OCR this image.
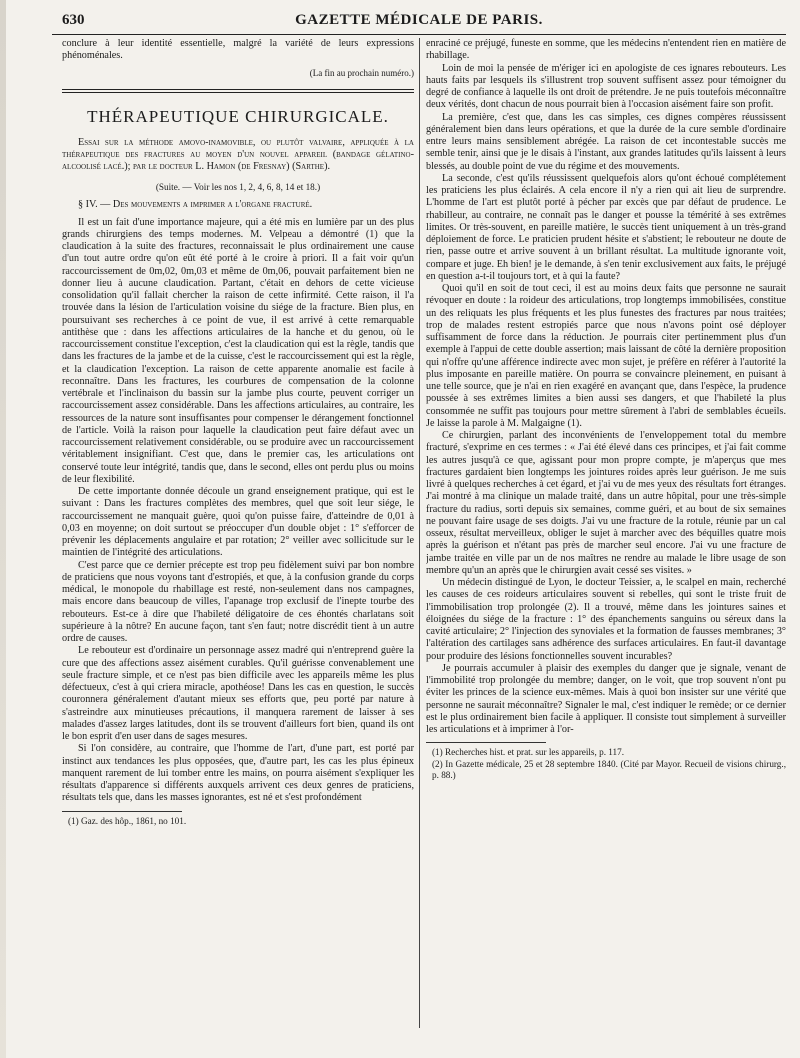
630	GAZETTE MÉDICALE DE PARIS.

conclure à leur identité essentielle, malgré la variété de leurs expressions phénoménales.

(La fin au prochain numéro.)

THÉRAPEUTIQUE CHIRURGICALE.

Essai sur la méthode amovo-inamovible, ou plutôt valvaire, appliquée à la thérapeutique des fractures au moyen d'un nouvel appareil (bandage gélatino-alcoolisé lacé.); par le docteur L. Hamon (de Fresnay) (Sarthe).

(Suite. — Voir les nos 1, 2, 4, 6, 8, 14 et 18.)

§ IV. — Des mouvements a imprimer a l'organe fracturé.

Il est un fait d'une importance majeure, qui a été mis en lumière par un des plus grands chirurgiens des temps modernes. M. Velpeau a démontré (1) que la claudication à la suite des fractures, reconnaissait le plus ordinairement une cause d'un tout autre ordre qu'on eût été porté à le croire à priori. Il a fait voir qu'un raccourcissement de 0m,02, 0m,03 et même de 0m,06, pouvait parfaitement bien ne donner lieu à aucune claudication. Partant, c'était en dehors de cette vicieuse consolidation qu'il fallait chercher la raison de cette infirmité. Cette raison, il l'a trouvée dans la lésion de l'articulation voisine du siége de la fracture. Bien plus, en poursuivant ses recherches à ce point de vue, il est arrivé à cette remarquable antithèse que : dans les affections articulaires de la hanche et du genou, où le raccourcissement constitue l'exception, c'est la claudication qui est la règle, tandis que dans les fractures de la jambe et de la cuisse, c'est le raccourcissement qui est la règle, et la claudication l'exception. La raison de cette apparente anomalie est facile à reconnaître. Dans les fractures, les courbures de compensation de la colonne vertébrale et l'inclinaison du bassin sur la jambe plus courte, peuvent corriger un raccourcissement assez considérable. Dans les affections articulaires, au contraire, les ressources de la nature sont insuffisantes pour compenser le dérangement fonctionnel de l'article. Voilà la raison pour laquelle la claudication peut faire défaut avec un raccourcissement relativement considérable, ou se produire avec un raccourcissement véritablement insignifiant. C'est que, dans le premier cas, les articulations ont conservé toute leur intégrité, tandis que, dans le second, elles ont perdu plus ou moins de leur flexibilité.

De cette importante donnée découle un grand enseignement pratique, qui est le suivant : Dans les fractures complètes des membres, quel que soit leur siége, le raccourcissement ne manquait guère, quoi qu'on puisse faire, d'atteindre de 0,01 à 0,03 en moyenne; on doit surtout se préoccuper d'un double objet : 1° s'efforcer de prévenir les déplacements angulaire et par rotation; 2° veiller avec sollicitude sur le maintien de l'intégrité des articulations.

C'est parce que ce dernier précepte est trop peu fidèlement suivi par bon nombre de praticiens que nous voyons tant d'estropiés, et que, à la confusion grande du corps médical, le monopole du rhabillage est resté, non-seulement dans nos campagnes, mais encore dans beaucoup de villes, l'apanage trop exclusif de l'inepte tourbe des rebouteurs. Est-ce à dire que l'habileté déligatoire de ces éhontés charlatans soit supérieure à la nôtre? En aucune façon, tant s'en faut; notre discrédit tient à un autre ordre de causes.

Le rebouteur est d'ordinaire un personnage assez madré qui n'entreprend guère la cure que des affections assez aisément curables. Qu'il guérisse convenablement une seule fracture simple, et ce n'est pas bien difficile avec les appareils même les plus défectueux, c'est à qui criera miracle, apothéose! Dans les cas en question, le succès couronnera généralement d'autant mieux ses efforts que, peu porté par nature à s'astreindre aux minutieuses précautions, il manquera rarement de laisser à ses malades d'assez larges latitudes, dont ils se trouvent d'ailleurs fort bien, quand ils ont le bon esprit d'en user dans de sages mesures.

Si l'on considère, au contraire, que l'homme de l'art, d'une part, est porté par instinct aux tendances les plus opposées, que, d'autre part, les cas les plus épineux manquent rarement de lui tomber entre les mains, on pourra aisément s'expliquer les résultats d'apparence si différents auxquels arrivent ces deux genres de praticiens, résultats tels que, dans les masses ignorantes, est né et s'est profondément

(1) Gaz. des hôp., 1861, no 101.

enraciné ce préjugé, funeste en somme, que les médecins n'entendent rien en matière de rhabillage.

Loin de moi la pensée de m'ériger ici en apologiste de ces ignares rebouteurs. Les hauts faits par lesquels ils s'illustrent trop souvent suffisent assez pour témoigner du degré de confiance à laquelle ils ont droit de prétendre. Je ne puis toutefois méconnaître deux vérités, dont chacun de nous pourrait bien à l'occasion aisément faire son profit.

La première, c'est que, dans les cas simples, ces dignes compères réussissent généralement bien dans leurs opérations, et que la durée de la cure semble d'ordinaire entre leurs mains sensiblement abrégée. La raison de cet incontestable succès me semble tenir, ainsi que je le disais à l'instant, aux grandes latitudes qu'ils laissent à leurs blessés, au double point de vue du régime et des mouvements.

La seconde, c'est qu'ils réussissent quelquefois alors qu'ont échoué complétement les praticiens les plus éclairés. A cela encore il n'y a rien qui ait lieu de surprendre. L'homme de l'art est plutôt porté à pécher par excès que par défaut de prudence. Le rhabilleur, au contraire, ne connaît pas le danger et pousse la témérité à ses extrêmes limites. Or très-souvent, en pareille matière, le succès tient uniquement à un très-grand déploiement de force. Le praticien prudent hésite et s'abstient; le rebouteur ne doute de rien, passe outre et arrive souvent à un brillant résultat. La multitude ignorante voit, compare et juge. Eh bien! je le demande, à s'en tenir exclusivement aux faits, le préjugé en question a-t-il toujours tort, et à qui la faute?

Quoi qu'il en soit de tout ceci, il est au moins deux faits que personne ne saurait révoquer en doute : la roideur des articulations, trop longtemps immobilisées, constitue un des reliquats les plus fréquents et les plus funestes des fractures par nous traitées; trop de malades restent estropiés parce que nous n'avons point osé déployer suffisamment de force dans la réduction. Je pourrais citer pertinemment plus d'un exemple à l'appui de cette double assertion; mais laissant de côté la dernière proposition qui n'offre qu'une afférence indirecte avec mon sujet, je préfère en référer à l'autorité la plus imposante en pareille matière. On pourra se convaincre pleinement, en puisant à une telle source, que je n'ai en rien exagéré en avançant que, dans l'espèce, la prudence poussée à ses extrêmes limites a bien aussi ses dangers, et que l'habileté la plus consommée ne suffit pas toujours pour mettre sûrement à l'abri de semblables écueils. Je laisse la parole à M. Malgaigne (1).

Ce chirurgien, parlant des inconvénients de l'enveloppement total du membre fracturé, s'exprime en ces termes : « J'ai été élevé dans ces principes, et j'ai fait comme les autres jusqu'à ce que, agissant pour mon propre compte, je m'aperçus que mes fractures gardaient bien longtemps les jointures roides après leur guérison. Je me suis livré à quelques recherches à cet égard, et j'ai vu de mes yeux des résultats fort étranges. J'ai montré à ma clinique un malade traité, dans un autre hôpital, pour une très-simple fracture du radius, sorti depuis six semaines, comme guéri, et au bout de six semaines ne pouvant faire usage de ses doigts. J'ai vu une fracture de la rotule, réunie par un cal osseux, résultat merveilleux, obliger le sujet à marcher avec des béquilles quatre mois après la guérison et n'étant pas près de marcher seul encore. J'ai vu une fracture de jambe traitée en ville par un de nos maîtres ne rendre au malade le libre usage de son membre qu'un an après que le chirurgien avait cessé ses visites. »

Un médecin distingué de Lyon, le docteur Teissier, a, le scalpel en main, recherché les causes de ces roideurs articulaires souvent si rebelles, qui sont le triste fruit de l'immobilisation trop prolongée (2). Il a trouvé, même dans les jointures saines et éloignées du siége de la fracture : 1° des épanchements sanguins ou séreux dans la cavité articulaire; 2° l'injection des synoviales et la formation de fausses membranes; 3° l'altération des cartilages sans adhérence des surfaces articulaires. En faut-il davantage pour produire des lésions fonctionnelles souvent incurables?

Je pourrais accumuler à plaisir des exemples du danger que je signale, venant de l'immobilité trop prolongée du membre; danger, on le voit, que trop souvent n'ont pu éviter les princes de la science eux-mêmes. Mais à quoi bon insister sur une vérité que personne ne saurait méconnaître? Signaler le mal, c'est indiquer le remède; or ce dernier est le plus ordinairement bien facile à appliquer. Il consiste tout simplement à surveiller les articulations et à imprimer à l'or-

(1) Recherches hist. et prat. sur les appareils, p. 117.

(2) In Gazette médicale, 25 et 28 septembre 1840. (Cité par Mayor. Recueil de visions chirurg., p. 88.)
